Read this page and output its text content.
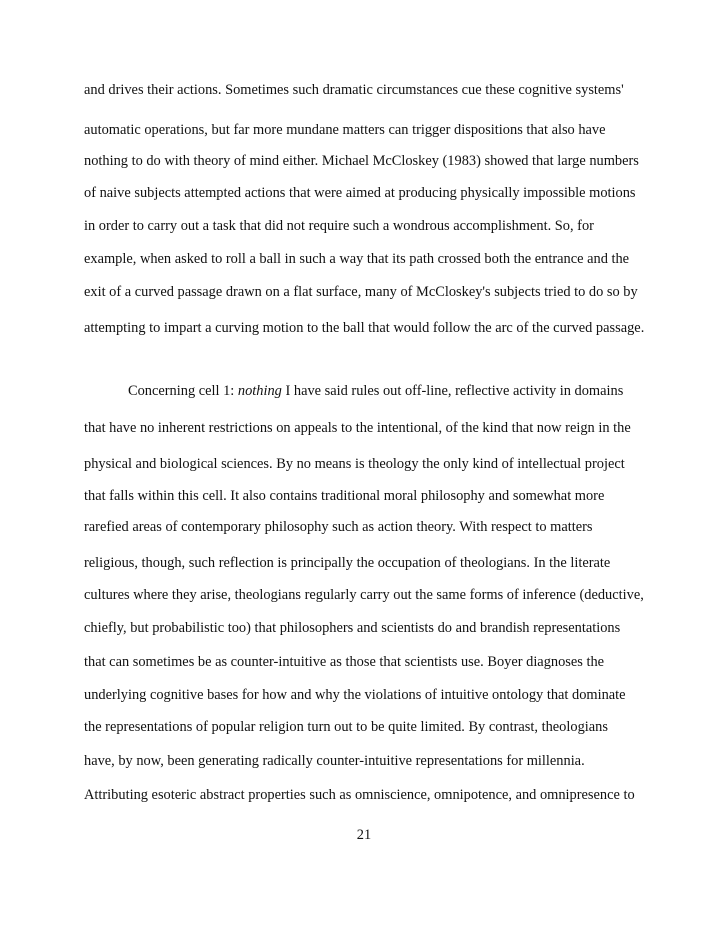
and drives their actions. Sometimes such dramatic circumstances cue these cognitive systems'
automatic operations, but far more mundane matters can trigger dispositions that also have
nothing to do with theory of mind either. Michael McCloskey (1983) showed that large numbers
of naive subjects attempted actions that were aimed at producing physically impossible motions
in order to carry out a task that did not require such a wondrous accomplishment. So, for
example, when asked to roll a ball in such a way that its path crossed both the entrance and the
exit of a curved passage drawn on a flat surface, many of McCloskey's subjects tried to do so by
attempting to impart a curving motion to the ball that would follow the arc of the curved passage.
Concerning cell 1: nothing I have said rules out off-line, reflective activity in domains
that have no inherent restrictions on appeals to the intentional, of the kind that now reign in the
physical and biological sciences. By no means is theology the only kind of intellectual project
that falls within this cell. It also contains traditional moral philosophy and somewhat more
rarefied areas of contemporary philosophy such as action theory. With respect to matters
religious, though, such reflection is principally the occupation of theologians. In the literate
cultures where they arise, theologians regularly carry out the same forms of inference (deductive,
chiefly, but probabilistic too) that philosophers and scientists do and brandish representations
that can sometimes be as counter-intuitive as those that scientists use. Boyer diagnoses the
underlying cognitive bases for how and why the violations of intuitive ontology that dominate
the representations of popular religion turn out to be quite limited. By contrast, theologians
have, by now, been generating radically counter-intuitive representations for millennia.
Attributing esoteric abstract properties such as omniscience, omnipotence, and omnipresence to
21
